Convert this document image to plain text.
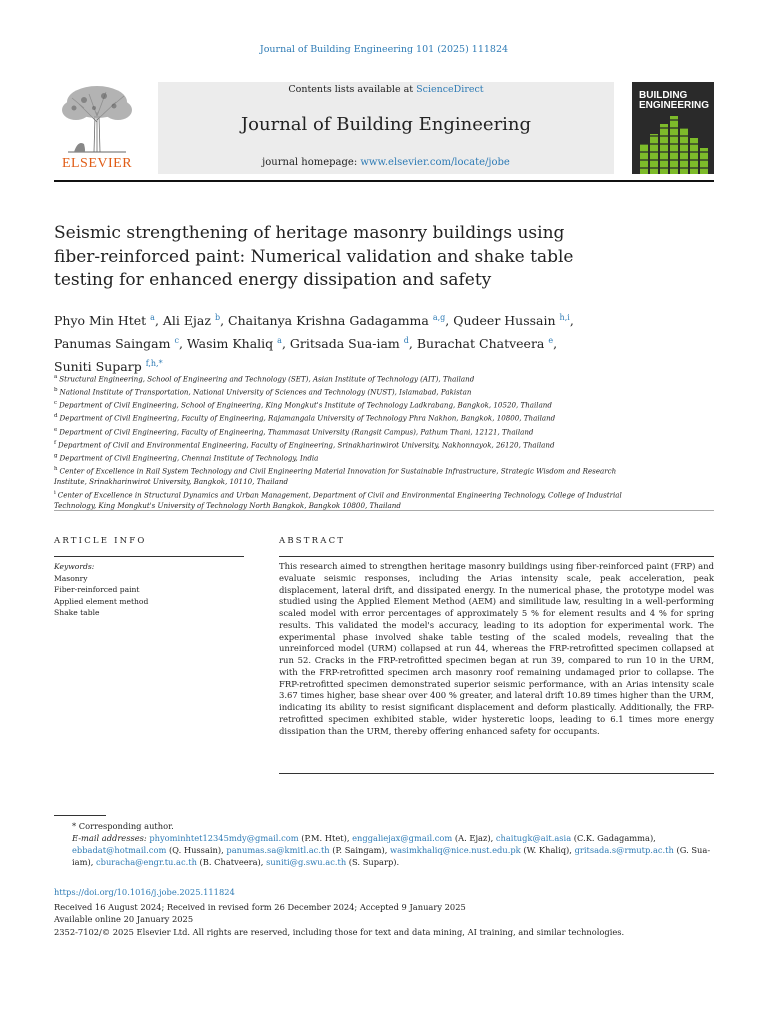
Journal of Building Engineering 101 (2025) 111824
Contents lists available at ScienceDirect
Journal of Building Engineering
journal homepage: www.elsevier.com/locate/jobe
ELSEVIER
BUILDING
ENGINEERING
Seismic strengthening of heritage masonry buildings using fiber-reinforced paint: Numerical validation and shake table testing for enhanced energy dissipation and safety
Phyo Min Htet $^a$, Ali Ejaz $^b$, Chaitanya Krishna Gadagamma $^{a,g}$, Qudeer Hussain $^{h,i}$,
Panumas Saingam $^c$, Wasim Khaliq $^a$, Gritsada Sua-iam $^d$, Burachat Chatveera $^e$,
Suniti Suparp $^{f,h,*}$
$^a$ Structural Engineering, School of Engineering and Technology (SET), Asian Institute of Technology (AIT), Thailand
$^b$ National Institute of Transportation, National University of Sciences and Technology (NUST), Islamabad, Pakistan
$^c$ Department of Civil Engineering, School of Engineering, King Mongkut's Institute of Technology Ladkrabang, Bangkok, 10520, Thailand
$^d$ Department of Civil Engineering, Faculty of Engineering, Rajamangala University of Technology Phra Nakhon, Bangkok, 10800, Thailand
$^e$ Department of Civil Engineering, Faculty of Engineering, Thammasat University (Rangsit Campus), Pathum Thani, 12121, Thailand
$^f$ Department of Civil and Environmental Engineering, Faculty of Engineering, Srinakharinwirot University, Nakhonnayok, 26120, Thailand
$^g$ Department of Civil Engineering, Chennai Institute of Technology, India
$^h$ Center of Excellence in Rail System Technology and Civil Engineering Material Innovation for Sustainable Infrastructure, Strategic Wisdom and Research Institute, Srinakharinwirot University, Bangkok, 10110, Thailand
$^i$ Center of Excellence in Structural Dynamics and Urban Management, Department of Civil and Environmental Engineering Technology, College of Industrial Technology, King Mongkut's University of Technology North Bangkok, Bangkok 10800, Thailand
ARTICLE INFO	ABSTRACT
Keywords:
Masonry
Fiber-reinforced paint
Applied element method
Shake table
This research aimed to strengthen heritage masonry buildings using fiber-reinforced paint (FRP) and evaluate seismic responses, including the Arias intensity scale, peak acceleration, peak displacement, lateral drift, and dissipated energy. In the numerical phase, the prototype model was studied using the Applied Element Method (AEM) and similitude law, resulting in a well-performing scaled model with error percentages of approximately 5 % for element results and 4 % for spring results. This validated the model's accuracy, leading to its adoption for experimental work. The experimental phase involved shake table testing of the scaled models, revealing that the unreinforced model (URM) collapsed at run 44, whereas the FRP-retrofitted specimen collapsed at run 52. Cracks in the FRP-retrofitted specimen began at run 39, compared to run 10 in the URM, with the FRP-retrofitted specimen arch masonry roof remaining undamaged prior to collapse. The FRP-retrofitted specimen demonstrated superior seismic performance, with an Arias intensity scale 3.67 times higher, base shear over 400 % greater, and lateral drift 10.89 times higher than the URM, indicating its ability to resist significant displacement and deform plastically. Additionally, the FRP-retrofitted specimen exhibited stable, wider hysteretic loops, leading to 6.1 times more energy dissipation than the URM, thereby offering enhanced safety for occupants.
* Corresponding author.
E-mail addresses: phyominhtet12345mdy@gmail.com (P.M. Htet), enggaliejax@gmail.com (A. Ejaz), chaitugk@ait.asia (C.K. Gadagamma), ebbadat@hotmail.com (Q. Hussain), panumas.sa@kmitl.ac.th (P. Saingam), wasimkhaliq@nice.nust.edu.pk (W. Khaliq), gritsada.s@rmutp.ac.th (G. Sua-iam), cburacha@engr.tu.ac.th (B. Chatveera), suniti@g.swu.ac.th (S. Suparp).
https://doi.org/10.1016/j.jobe.2025.111824
Received 16 August 2024; Received in revised form 26 December 2024; Accepted 9 January 2025
Available online 20 January 2025
2352-7102/© 2025 Elsevier Ltd. All rights are reserved, including those for text and data mining, AI training, and similar technologies.
